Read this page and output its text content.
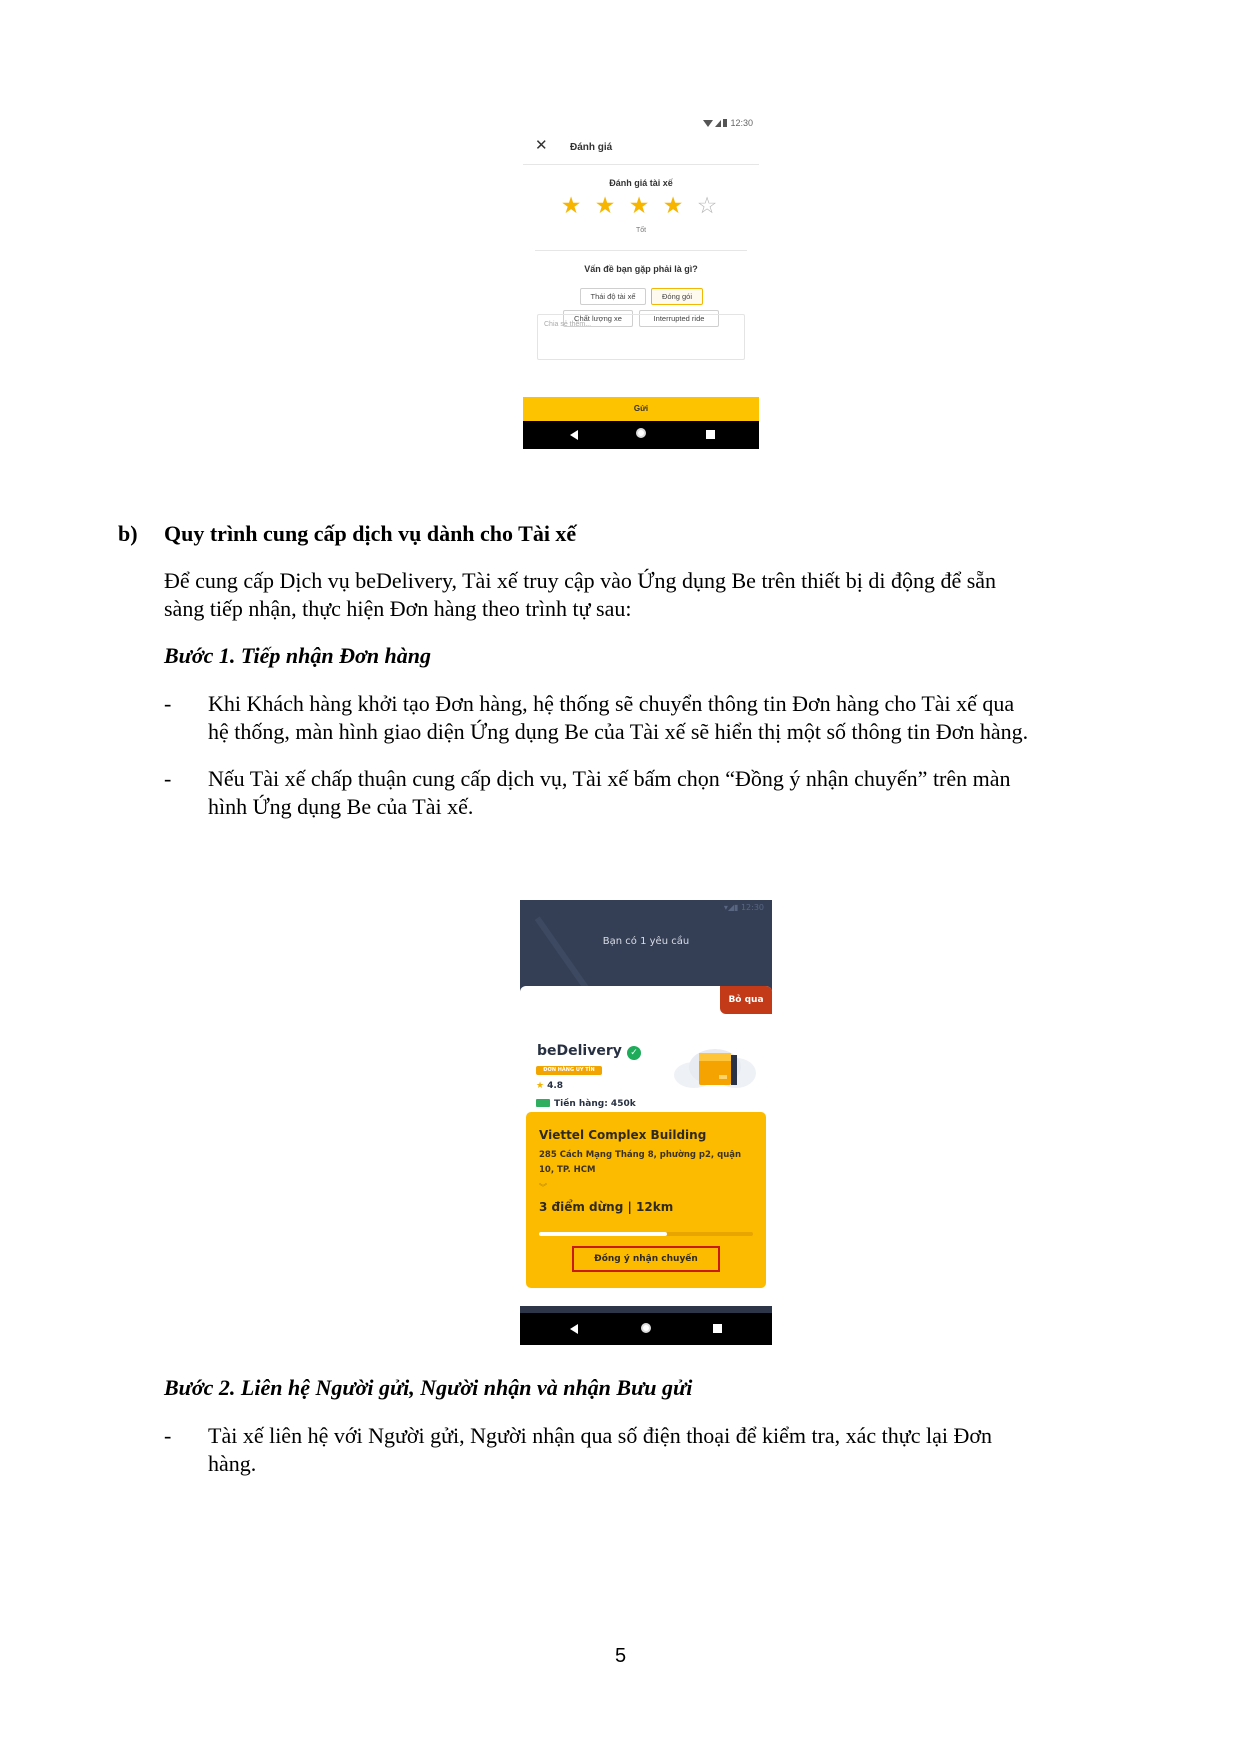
12:30
✕ Đánh giá
Đánh giá tài xế
★ ★ ★ ★ ☆
Tốt
Vấn đề bạn gặp phải là gì?
Thái độ tài xế	Đóng gói
Chất lượng xe	Interrupted ride
Chia sẻ thêm...
Gửi
b) Quy trình cung cấp dịch vụ dành cho Tài xế
Để cung cấp Dịch vụ beDelivery, Tài xế truy cập vào Ứng dụng Be trên thiết bị di động để sẵn
sàng tiếp nhận, thực hiện Đơn hàng theo trình tự sau:
Bước 1. Tiếp nhận Đơn hàng
- Khi Khách hàng khởi tạo Đơn hàng, hệ thống sẽ chuyển thông tin Đơn hàng cho Tài xế qua
hệ thống, màn hình giao diện Ứng dụng Be của Tài xế sẽ hiển thị một số thông tin Đơn hàng.
- Nếu Tài xế chấp thuận cung cấp dịch vụ, Tài xế bấm chọn “Đồng ý nhận chuyến” trên màn
hình Ứng dụng Be của Tài xế.
▾◢▮ 12:30
Bạn có 1 yêu cầu
Bỏ qua
beDelivery ✓
ĐƠN HÀNG UY TÍN
★ 4.8
Tiền hàng: 450k
Viettel Complex Building
285 Cách Mạng Tháng 8, phường p2, quận
10, TP. HCM
︾
3 điểm dừng | 12km
Đồng ý nhận chuyến
Bước 2. Liên hệ Người gửi, Người nhận và nhận Bưu gửi
- Tài xế liên hệ với Người gửi, Người nhận qua số điện thoại để kiểm tra, xác thực lại Đơn
hàng.
5
